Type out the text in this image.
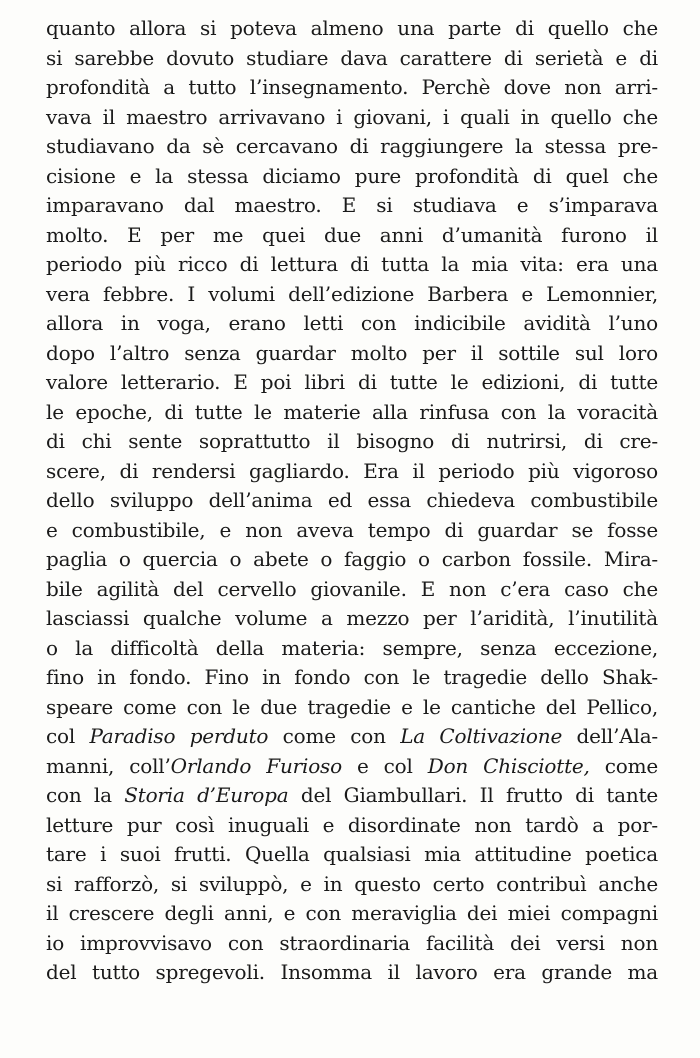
quanto allora si poteva almeno una parte di quello che
si sarebbe dovuto studiare dava carattere di serietà e di
profondità a tutto l’insegnamento. Perchè dove non arri-
vava il maestro arrivavano i giovani, i quali in quello che
studiavano da sè cercavano di raggiungere la stessa pre-
cisione e la stessa diciamo pure profondità di quel che
imparavano dal maestro. E si studiava e s’imparava
molto. E per me quei due anni d’umanità furono il
periodo più ricco di lettura di tutta la mia vita: era una
vera febbre. I volumi dell’edizione Barbera e Lemonnier,
allora in voga, erano letti con indicibile avidità l’uno
dopo l’altro senza guardar molto per il sottile sul loro
valore letterario. E poi libri di tutte le edizioni, di tutte
le epoche, di tutte le materie alla rinfusa con la voracità
di chi sente soprattutto il bisogno di nutrirsi, di cre-
scere, di rendersi gagliardo. Era il periodo più vigoroso
dello sviluppo dell’anima ed essa chiedeva combustibile
e combustibile, e non aveva tempo di guardar se fosse
paglia o quercia o abete o faggio o carbon fossile. Mira-
bile agilità del cervello giovanile. E non c’era caso che
lasciassi qualche volume a mezzo per l’aridità, l’inutilità
o la difficoltà della materia: sempre, senza eccezione,
fino in fondo. Fino in fondo con le tragedie dello Shak-
speare come con le due tragedie e le cantiche del Pellico,
col Paradiso perduto come con La Coltivazione dell’Ala-
manni, coll’Orlando Furioso e col Don Chisciotte, come
con la Storia d’Europa del Giambullari. Il frutto di tante
letture pur così inuguali e disordinate non tardò a por-
tare i suoi frutti. Quella qualsiasi mia attitudine poetica
si rafforzò, si sviluppò, e in questo certo contribuì anche
il crescere degli anni, e con meraviglia dei miei compagni
io improvvisavo con straordinaria facilità dei versi non
del tutto spregevoli. Insomma il lavoro era grande ma
